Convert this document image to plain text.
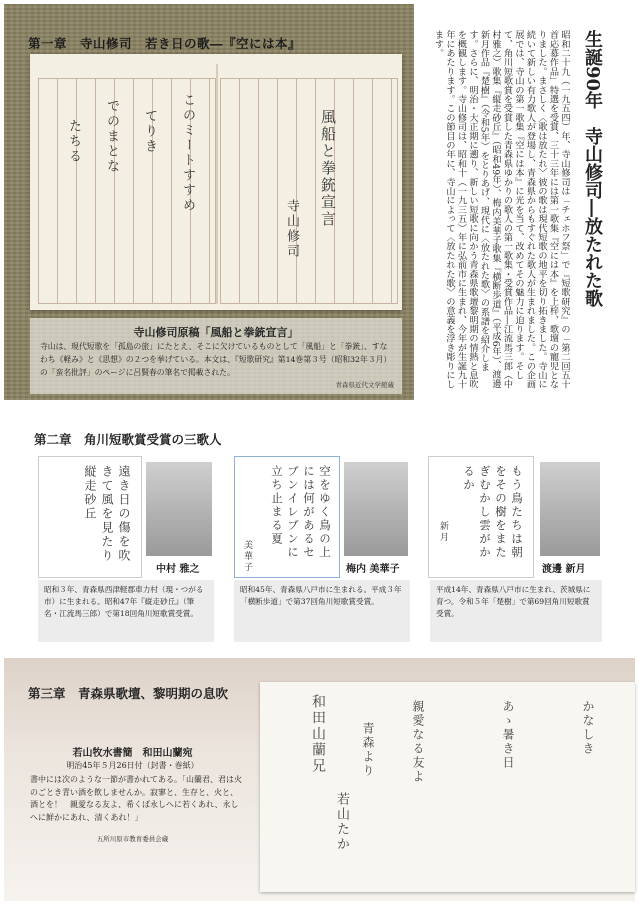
第一章　寺山修司　若き日の歌―『空には本』
このミートすすめ
てりき
でのまとな
たちる	風船と拳銃宣言
寺山修司
寺山修司原稿「風船と拳銃宣言」
寺山は、現代短歌を「孤島の旅」にたとえ、そこに欠けているものとして「風船」と「拳銃」、すなわち《軽み》と《思想》の２つを挙げている。本文は、『短歌研究』第14巻第３号（昭和32年３月）の「蛮名批評」のページに呂賢春の筆名で掲載された。
青森県近代文学館蔵
生誕90年　寺山修司―放たれた歌
昭和二十九（一九五四）年、寺山修司は「チェホフ祭」で『短歌研究』の「第二回五十首応募作品」特選を受賞、三十三年には第一歌集『空には本』を上梓、歌壇の寵児となりました。まさしく〈歌は放たれ〉彼の歌は現代短歌の地平を切り拓きました。寺山に続いて新しい有力歌人が登場し、青森県からもすぐれた歌人が生まれました。この企画展では、寺山の第一歌集『空には本』に光を当て、改めてその魅力に迫ります。そして、角川短歌賞を受賞した青森県ゆかりの歌人の第一歌集・受賞作品―江流馬三郎（中村雅之）歌集『縦走砂丘』（昭和49年）、梅内美華子歌集『横断歩道』（平成6年）、渡邊新月作品『楚樹』（令和5年）をとりあげ、現代に〈放たれた歌〉の系譜を紹介します。さらに、明治・大正期に遡り、新しい短歌に向かう青森県歌壇黎明期の情熱と息吹を概観します。寺山修司は、昭和十（一九三五）年に弘前市に生まれ、今年が生誕九十年にあたります。この節目の年に、寺山によって〈放たれた歌〉の意義を浮き彫りにします。
第二章　角川短歌賞受賞の三歌人
遠き日の傷を吹きて風を見たり縦走砂丘
中村 雅之
昭和３年、青森県西津軽郡車力村（現・つがる市）に生まれる。昭和47年『縦走砂丘』（筆名・江流馬三郎）で第18回角川短歌賞受賞。
空をゆく鳥の上には何があるセブンイレブンに立ち止まる夏
美華子	梅内 美華子
昭和45年、青森県八戸市に生まれる。平成３年「横断歩道」で第37回角川短歌賞受賞。
もう鳥たちは朝をその樹をまたぎむかし雲がかるか
新月
渡邊 新月
平成14年、青森県八戸市に生まれ、茨城県に育つ。令和５年「楚樹」で第69回角川短歌賞受賞。
第三章　青森県歌壇、黎明期の息吹
若山牧水書簡　和田山蘭宛
明治45年５月26日付（封書・巻紙）
書中には次のような一節が書かれてある。「山蘭君、君は火のごとき青い酒を飲しませんか。寂寥と、生存と、火と、酒とを！　親愛なる友よ、希くば永しへに若くあれ、永しへに鮮かにあれ、清くあれ！」
五所川原市教育委員会蔵
和田山蘭兄	青森より
若山たか
親愛なる友よ	あゝ暑き日	かなしき
